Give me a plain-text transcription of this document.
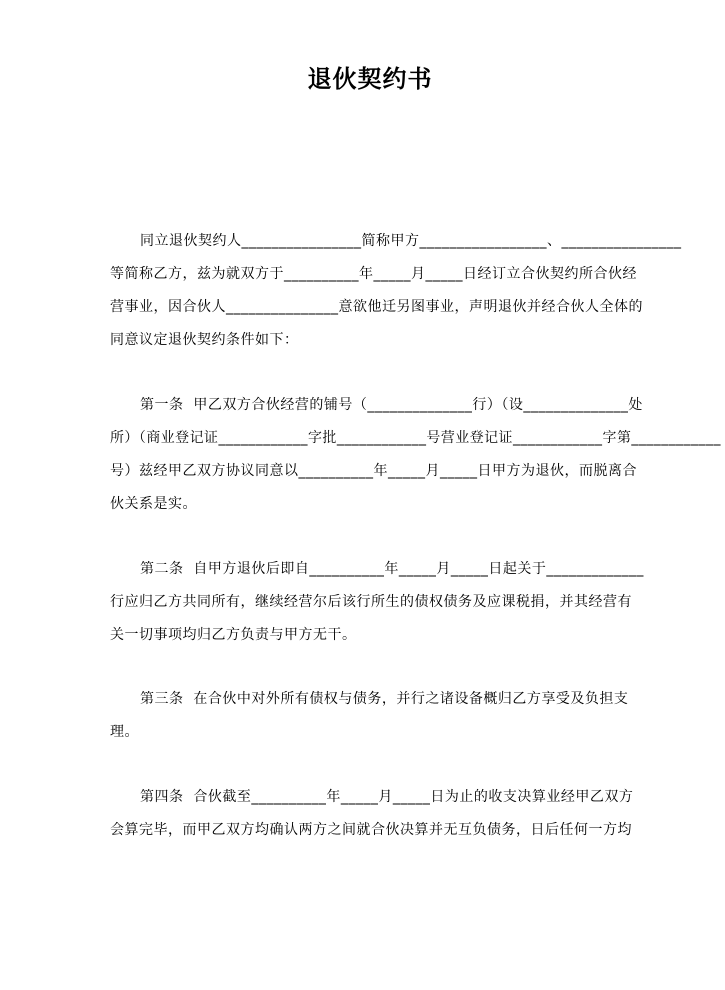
退伙契约书
同立退伙契约人________________简称甲方_________________、________________
等简称乙方，兹为就双方于__________年_____月_____日经订立合伙契约所合伙经
营事业，因合伙人_______________意欲他迁另图事业，声明退伙并经合伙人全体的
同意议定退伙契约条件如下：
第一条  甲乙双方合伙经营的铺号（______________行）（设______________处
所）（商业登记证____________字批____________号营业登记证____________字第____________
号）兹经甲乙双方协议同意以__________年_____月_____日甲方为退伙，而脱离合
伙关系是实。
第二条  自甲方退伙后即自__________年_____月_____日起关于_____________
行应归乙方共同所有，继续经营尔后该行所生的债权债务及应课税捐，并其经营有
关一切事项均归乙方负责与甲方无干。
第三条  在合伙中对外所有债权与债务，并行之诸设备概归乙方享受及负担支
理。
第四条  合伙截至__________年_____月_____日为止的收支决算业经甲乙双方
会算完毕，而甲乙双方均确认两方之间就合伙决算并无互负债务，日后任何一方均
